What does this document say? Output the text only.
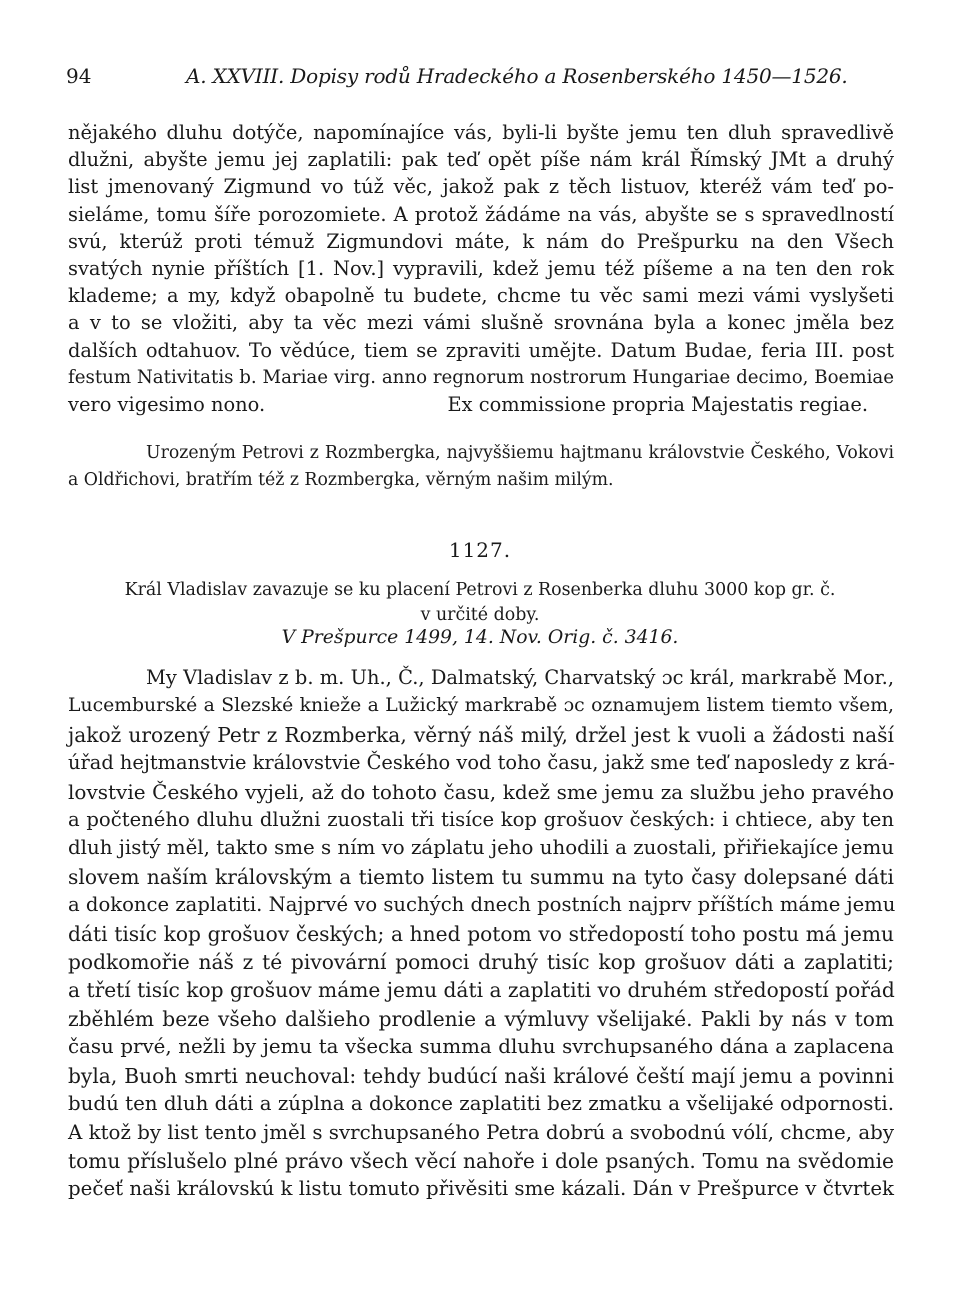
94	A. XXVIII. Dopisy rodů Hradeckého a Rosenberského 1450—1526.
nějakého dluhu dotýče, napomínajíce vás, byli-li byšte jemu ten dluh spravedlivě
dlužni, abyšte jemu jej zaplatili: pak teď opět píše nám král Římský JMt a druhý
list jmenovaný Zigmund vo túž věc, jakož pak z těch listuov, kteréž vám teď po-
sieláme, tomu šíře porozomiete. A protož žádáme na vás, abyšte se s spravedlností
svú, kterúž proti témuž Zigmundovi máte, k nám do Prešpurku na den Všech
svatých nynie příštích [1. Nov.] vypravili, kdež jemu též píšeme a na ten den rok
klademe; a my, když obapolně tu budete, chcme tu věc sami mezi vámi vyslyšeti
a v to se vložiti, aby ta věc mezi vámi slušně srovnána byla a konec jměla bez
dalších odtahuov. To vědúce, tiem se zpraviti umějte. Datum Budae, feria III. post
festum Nativitatis b. Mariae virg. anno regnorum nostrorum Hungariae decimo, Boemiae
vero vigesimo nono.	Ex commissione propria Majestatis regiae.
Urozeným Petrovi z Rozmbergka, najvyššiemu hajtmanu královstvie Českého, Vokovi
a Oldřichovi, bratřím též z Rozmbergka, věrným našim milým.
1127.
Král Vladislav zavazuje se ku placení Petrovi z Rosenberka dluhu 3000 kop gr. č.
v určité doby.
V Prešpurce 1499, 14. Nov. Orig. č. 3416.
My Vladislav z b. m. Uh., Č., Dalmatský, Charvatský ɔc král, markrabě Mor.,
Lucemburské a Slezské knieže a Lužický markrabě ɔc oznamujem listem tiemto všem,
jakož urozený Petr z Rozmberka, věrný náš milý, držel jest k vuoli a žádosti naší
úřad hejtmanstvie královstvie Českého vod toho času, jakž sme teď naposledy z krá-
lovstvie Českého vyjeli, až do tohoto času, kdež sme jemu za službu jeho pravého
a počteného dluhu dlužni zuostali tři tisíce kop grošuov českých: i chtiece, aby ten
dluh jistý měl, takto sme s ním vo záplatu jeho uhodili a zuostali, přiřiekajíce jemu
slovem naším královským a tiemto listem tu summu na tyto časy dolepsané dáti
a dokonce zaplatiti. Najprvé vo suchých dnech postních najprv příštích máme jemu
dáti tisíc kop grošuov českých; a hned potom vo středopostí toho postu má jemu
podkomořie náš z té pivovární pomoci druhý tisíc kop grošuov dáti a zaplatiti;
a třetí tisíc kop grošuov máme jemu dáti a zaplatiti vo druhém středopostí pořád
zběhlém beze všeho dalšieho prodlenie a výmluvy všelijaké. Pakli by nás v tom
času prvé, nežli by jemu ta všecka summa dluhu svrchupsaného dána a zaplacena
byla, Buoh smrti neuchoval: tehdy budúcí naši králové čeští mají jemu a povinni
budú ten dluh dáti a zúplna a dokonce zaplatiti bez zmatku a všelijaké odpornosti.
A ktož by list tento jměl s svrchupsaného Petra dobrú a svobodnú vólí, chcme, aby
tomu příslušelo plné právo všech věcí nahoře i dole psaných. Tomu na svědomie
pečeť naši královskú k listu tomuto přivěsiti sme kázali. Dán v Prešpurce v čtvrtek
